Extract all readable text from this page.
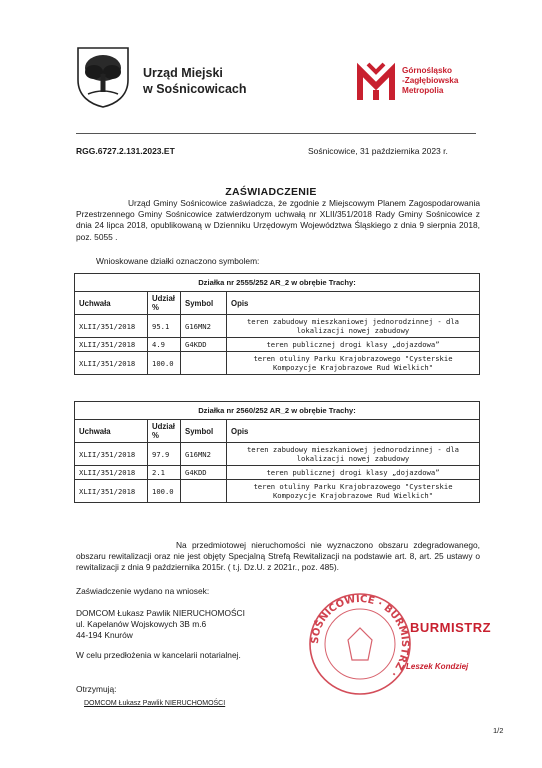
Urząd Miejski
w Sośnicowicach
Górnośląsko
-Zagłębiowska
Metropolia
RGG.6727.2.131.2023.ET	Sośnicowice, 31 października 2023 r.
ZAŚWIADCZENIE
Urząd Gminy Sośnicowice zaświadcza, że zgodnie z Miejscowym Planem Zagospodarowania Przestrzennego Gminy Sośnicowice zatwierdzonym uchwałą nr XLII/351/2018 Rady Gminy Sośnicowice z dnia 24 lipca 2018, opublikowaną w Dzienniku Urzędowym Województwa Śląskiego z dnia 9 sierpnia 2018, poz. 5055 .
Wnioskowane działki oznaczono symbolem:
Działka nr 2555/252 AR_2 w obrębie Trachy:			
Uchwała	Udział %	Symbol	Opis
XLII/351/2018	95.1	G16MN2	teren zabudowy mieszkaniowej jednorodzinnej - dla lokalizacji nowej zabudowy
XLII/351/2018	4.9	G4KDD	teren publicznej drogi klasy „dojazdowa”
XLII/351/2018	100.0		teren otuliny Parku Krajobrazowego "Cysterskie Kompozycje Krajobrazowe Rud Wielkich"
Działka nr 2560/252 AR_2 w obrębie Trachy:			
Uchwała	Udział %	Symbol	Opis
XLII/351/2018	97.9	G16MN2	teren zabudowy mieszkaniowej jednorodzinnej - dla lokalizacji nowej zabudowy
XLII/351/2018	2.1	G4KDD	teren publicznej drogi klasy „dojazdowa”
XLII/351/2018	100.0		teren otuliny Parku Krajobrazowego "Cysterskie Kompozycje Krajobrazowe Rud Wielkich"
Na przedmiotowej nieruchomości nie wyznaczono obszaru zdegradowanego, obszaru rewitalizacji oraz nie jest objęty Specjalną Strefą Rewitalizacji na podstawie art. 8, art. 25 ustawy o rewitalizacji z dnia 9 października 2015r. ( t.j. Dz.U. z 2021r., poz. 485).
Zaświadczenie wydano na wniosek:
DOMCOM Łukasz Pawlik NIERUCHOMOŚCI
ul. Kapelanów Wojskowych 3B m.6
44-194 Knurów
W celu przedłożenia w kancelarii notarialnej.
Otrzymują:
DOMCOM Łukasz Pawlik NIERUCHOMOŚCI
SOŚNICOWICE · BURMISTRZ ·
BURMISTRZ
Leszek Kondziej
1/2
